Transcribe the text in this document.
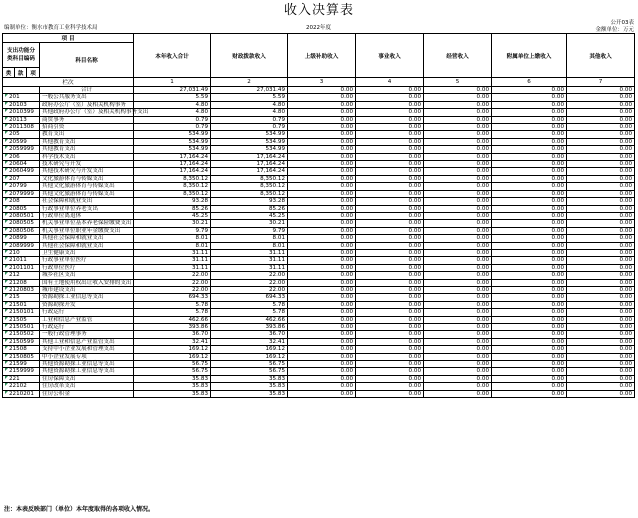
收入决算表
编制单位：衡水市教育工业科学技术局	2022年度
公开03表
金额单位：万元
项 目				本年收入合计	财政拨款收入	上级补助收入	事业收入	经营收入	附属单位上缴收入	其他收入
支出功能分类科目编码			科目名称							
类	款	项								
栏次				1	2	3	4	5	6	7
			合计	27,031.49	27,031.49	0.00	0.00	0.00	0.00	0.00
201			一般公共服务支出	5.59	5.59	0.00	0.00	0.00	0.00	0.00
20103			政府办公厅（室）及相关机构事务	4.80	4.80	0.00	0.00	0.00	0.00	0.00
2010399			其他政府办公厅（室）及相关机构事务支出	4.80	4.80	0.00	0.00	0.00	0.00	0.00
20113			商贸事务	0.79	0.79	0.00	0.00	0.00	0.00	0.00
2011308			招商引资	0.79	0.79	0.00	0.00	0.00	0.00	0.00
205			教育支出	534.99	534.99	0.00	0.00	0.00	0.00	0.00
20599			其他教育支出	534.99	534.99	0.00	0.00	0.00	0.00	0.00
2059999			其他教育支出	534.99	534.99	0.00	0.00	0.00	0.00	0.00
206			科学技术支出	17,164.24	17,164.24	0.00	0.00	0.00	0.00	0.00
20604			技术研究与开发	17,164.24	17,164.24	0.00	0.00	0.00	0.00	0.00
2060499			其他技术研究与开发支出	17,164.24	17,164.24	0.00	0.00	0.00	0.00	0.00
207			文化旅游体育与传媒支出	8,350.12	8,350.12	0.00	0.00	0.00	0.00	0.00
20799			其他文化旅游体育与传媒支出	8,350.12	8,350.12	0.00	0.00	0.00	0.00	0.00
2079999			其他文化旅游体育与传媒支出	8,350.12	8,350.12	0.00	0.00	0.00	0.00	0.00
208			社会保障和就业支出	93.28	93.28	0.00	0.00	0.00	0.00	0.00
20805			行政事业单位养老支出	85.26	85.26	0.00	0.00	0.00	0.00	0.00
2080501			行政单位离退休	45.25	45.25	0.00	0.00	0.00	0.00	0.00
2080505			机关事业单位基本养老保险缴费支出	30.21	30.21	0.00	0.00	0.00	0.00	0.00
2080506			机关事业单位职业年金缴费支出	9.79	9.79	0.00	0.00	0.00	0.00	0.00
20899			其他社会保障和就业支出	8.01	8.01	0.00	0.00	0.00	0.00	0.00
2089999			其他社会保障和就业支出	8.01	8.01	0.00	0.00	0.00	0.00	0.00
210			卫生健康支出	31.11	31.11	0.00	0.00	0.00	0.00	0.00
21011			行政事业单位医疗	31.11	31.11	0.00	0.00	0.00	0.00	0.00
2101101			行政单位医疗	31.11	31.11	0.00	0.00	0.00	0.00	0.00
212			城乡社区支出	22.00	22.00	0.00	0.00	0.00	0.00	0.00
21208			国有土地使用权出让收入安排的支出	22.00	22.00	0.00	0.00	0.00	0.00	0.00
2120803			城市建设支出	22.00	22.00	0.00	0.00	0.00	0.00	0.00
215			资源勘探工业信息等支出	694.33	694.33	0.00	0.00	0.00	0.00	0.00
21501			资源勘探开发	5.78	5.78	0.00	0.00	0.00	0.00	0.00
2150101			行政运行	5.78	5.78	0.00	0.00	0.00	0.00	0.00
21505			工业和信息产业监管	462.66	462.66	0.00	0.00	0.00	0.00	0.00
2150501			行政运行	393.86	393.86	0.00	0.00	0.00	0.00	0.00
2150502			一般行政管理事务	36.70	36.70	0.00	0.00	0.00	0.00	0.00
2150599			其他工业和信息产业监管支出	32.41	32.41	0.00	0.00	0.00	0.00	0.00
21508			支持中小企业发展和管理支出	169.12	169.12	0.00	0.00	0.00	0.00	0.00
2150805			中小企业发展专项	169.12	169.12	0.00	0.00	0.00	0.00	0.00
21599			其他资源勘探工业信息等支出	56.75	56.75	0.00	0.00	0.00	0.00	0.00
2159999			其他资源勘探工业信息等支出	56.75	56.75	0.00	0.00	0.00	0.00	0.00
221			住房保障支出	35.83	35.83	0.00	0.00	0.00	0.00	0.00
22102			住房改革支出	35.83	35.83	0.00	0.00	0.00	0.00	0.00
2210201			住房公积金	35.83	35.83	0.00	0.00	0.00	0.00	0.00
注：本表反映部门（单位）本年度取得的各项收入情况。
